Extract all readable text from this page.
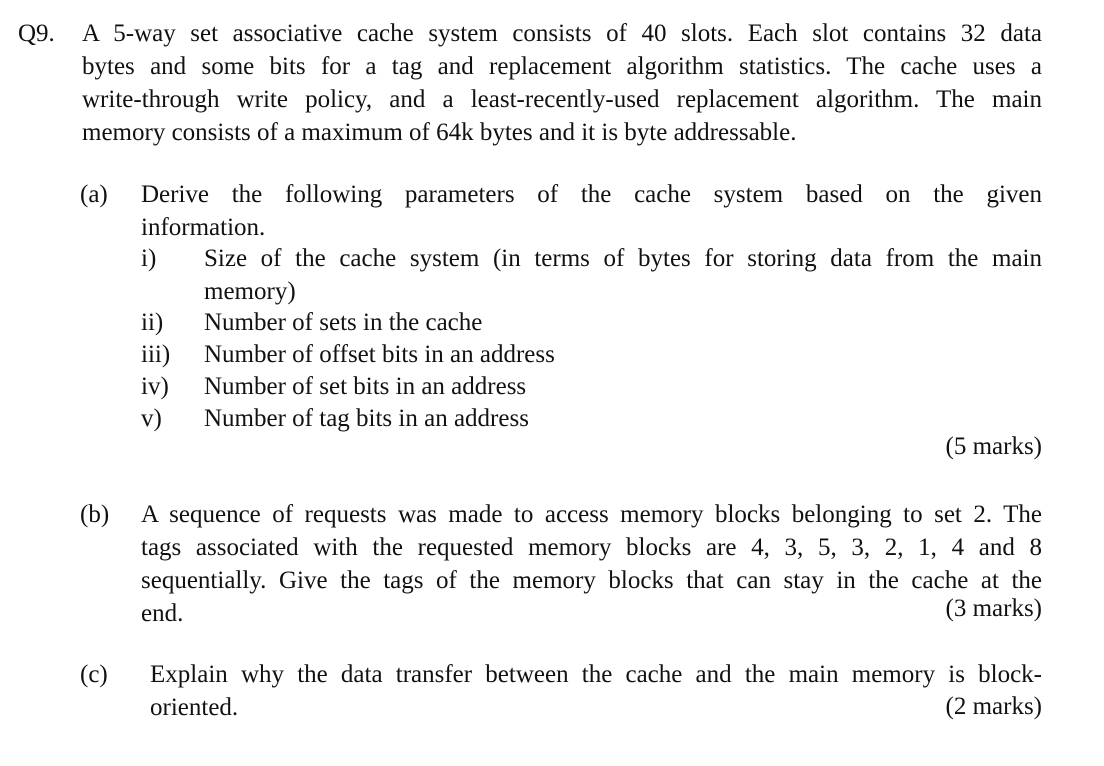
Q9. A 5-way set associative cache system consists of 40 slots. Each slot contains 32 data
bytes and some bits for a tag and replacement algorithm statistics. The cache uses a
write-through write policy, and a least-recently-used replacement algorithm. The main
memory consists of a maximum of 64k bytes and it is byte addressable.
(a) Derive the following parameters of the cache system based on the given
information.
i) Size of the cache system (in terms of bytes for storing data from the main
memory)
ii) Number of sets in the cache
iii) Number of offset bits in an address
iv) Number of set bits in an address
v) Number of tag bits in an address
(5 marks)
(b) A sequence of requests was made to access memory blocks belonging to set 2. The
tags associated with the requested memory blocks are 4, 3, 5, 3, 2, 1, 4 and 8
sequentially. Give the tags of the memory blocks that can stay in the cache at the
end.	(3 marks)
(c) Explain why the data transfer between the cache and the main memory is block-
oriented.	(2 marks)
